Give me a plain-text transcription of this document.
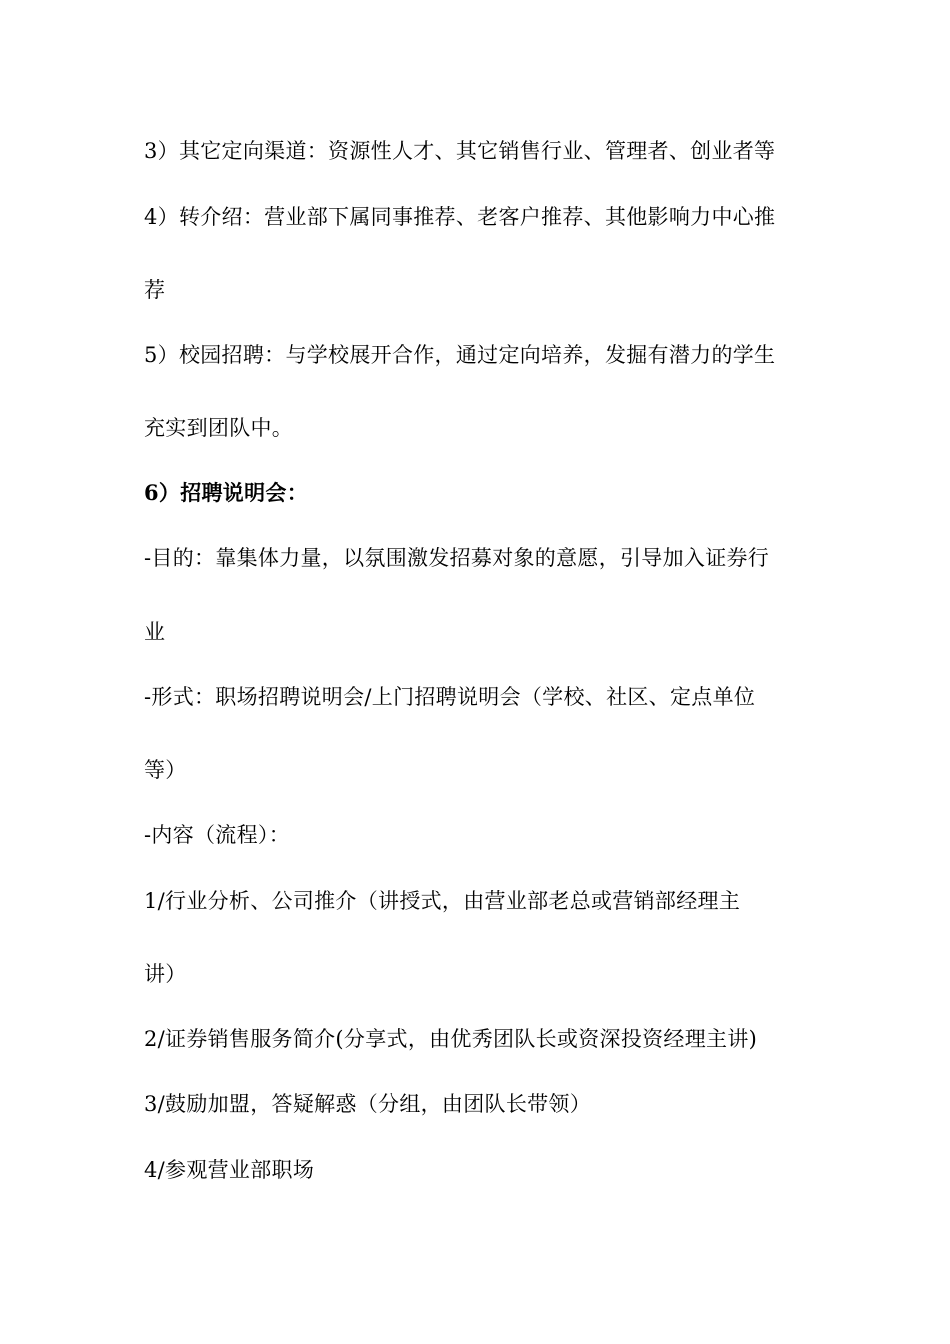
3）其它定向渠道：资源性人才、其它销售行业、管理者、创业者等
4）转介绍：营业部下属同事推荐、老客户推荐、其他影响力中心推
荐
5）校园招聘：与学校展开合作，通过定向培养，发掘有潜力的学生
充实到团队中。
6）招聘说明会：
-目的：靠集体力量，以氛围激发招募对象的意愿，引导加入证券行
业
-形式：职场招聘说明会/上门招聘说明会（学校、社区、定点单位
等）
-内容（流程）：
1/行业分析、公司推介（讲授式，由营业部老总或营销部经理主
讲）
2/证券销售服务简介(分享式，由优秀团队长或资深投资经理主讲)
3/鼓励加盟，答疑解惑（分组，由团队长带领）
4/参观营业部职场
